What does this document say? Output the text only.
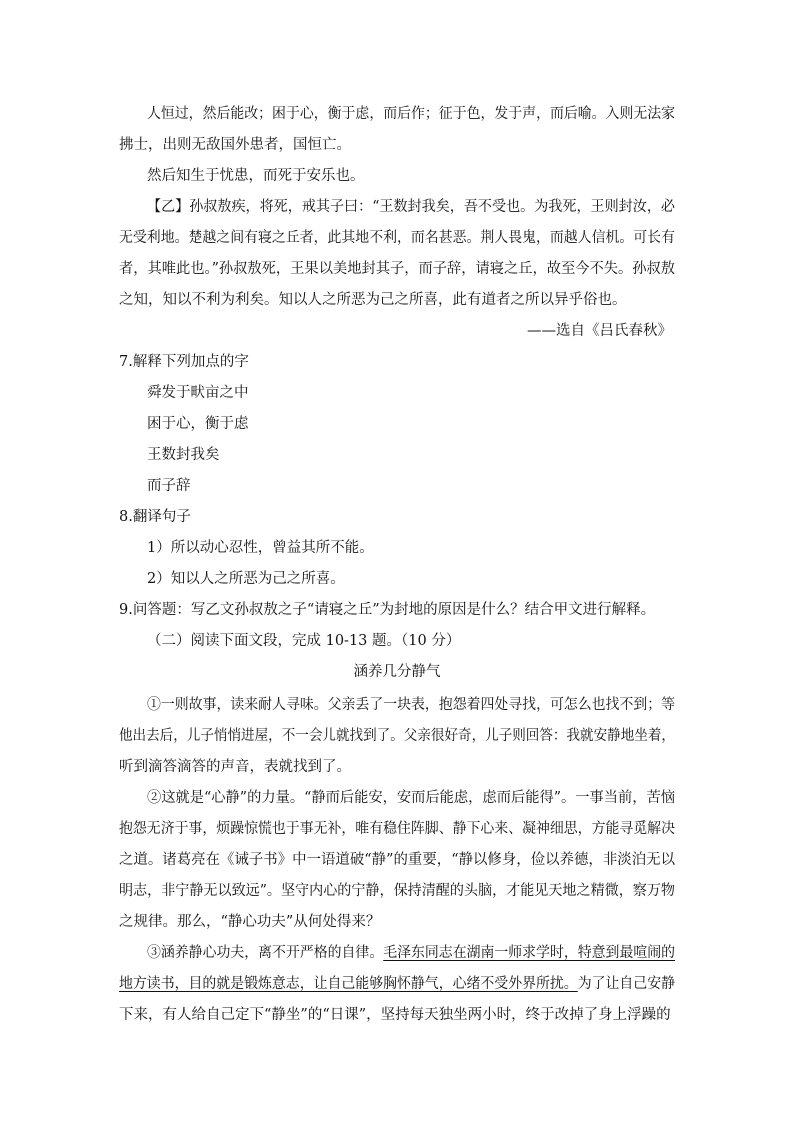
人恒过，然后能改；困于心，衡于虑，而后作；征于色，发于声，而后喻。入则无法家
拂士，出则无敌国外患者，国恒亡。
然后知生于忧患，而死于安乐也。
【乙】孙叔敖疾，将死，戒其子曰：“王数封我矣，吾不受也。为我死，王则封汝，必
无受利地。楚越之间有寝之丘者，此其地不利，而名甚恶。荆人畏鬼，而越人信机。可长有
者，其唯此也。”孙叔敖死，王果以美地封其子，而子辞，请寝之丘，故至今不失。孙叔敖
之知，知以不利为利矣。知以人之所恶为己之所喜，此有道者之所以异乎俗也。
——选自《吕氏春秋》
7.解释下列加点的字
舜发于畎亩之中
困于心，衡于虑
王数封我矣
而子辞
8.翻译句子
1）所以动心忍性，曾益其所不能。
2）知以人之所恶为己之所喜。
9.问答题：写乙文孙叔敖之子“请寝之丘”为封地的原因是什么？结合甲文进行解释。
（二）阅读下面文段，完成 10-13 题。（10 分）
涵养几分静气
①一则故事，读来耐人寻味。父亲丢了一块表，抱怨着四处寻找，可怎么也找不到；等
他出去后，儿子悄悄进屋，不一会儿就找到了。父亲很好奇，儿子则回答：我就安静地坐着，
听到滴答滴答的声音，表就找到了。
②这就是“心静”的力量。“静而后能安，安而后能虑，虑而后能得”。一事当前，苦恼
抱怨无济于事，烦躁惊慌也于事无补，唯有稳住阵脚、静下心来、凝神细思，方能寻觅解决
之道。诸葛亮在《诫子书》中一语道破“静”的重要，“静以修身，俭以养德，非淡泊无以
明志，非宁静无以致远”。坚守内心的宁静，保持清醒的头脑，才能见天地之精微，察万物
之规律。那么，“静心功夫”从何处得来？
③涵养静心功夫，离不开严格的自律。毛泽东同志在湖南一师求学时，特意到最喧闹的
地方读书，目的就是锻炼意志，让自己能够胸怀静气，心绪不受外界所扰。为了让自己安静
下来，有人给自己定下“静坐”的“日课”，坚持每天独坐两小时，终于改掉了身上浮躁的
